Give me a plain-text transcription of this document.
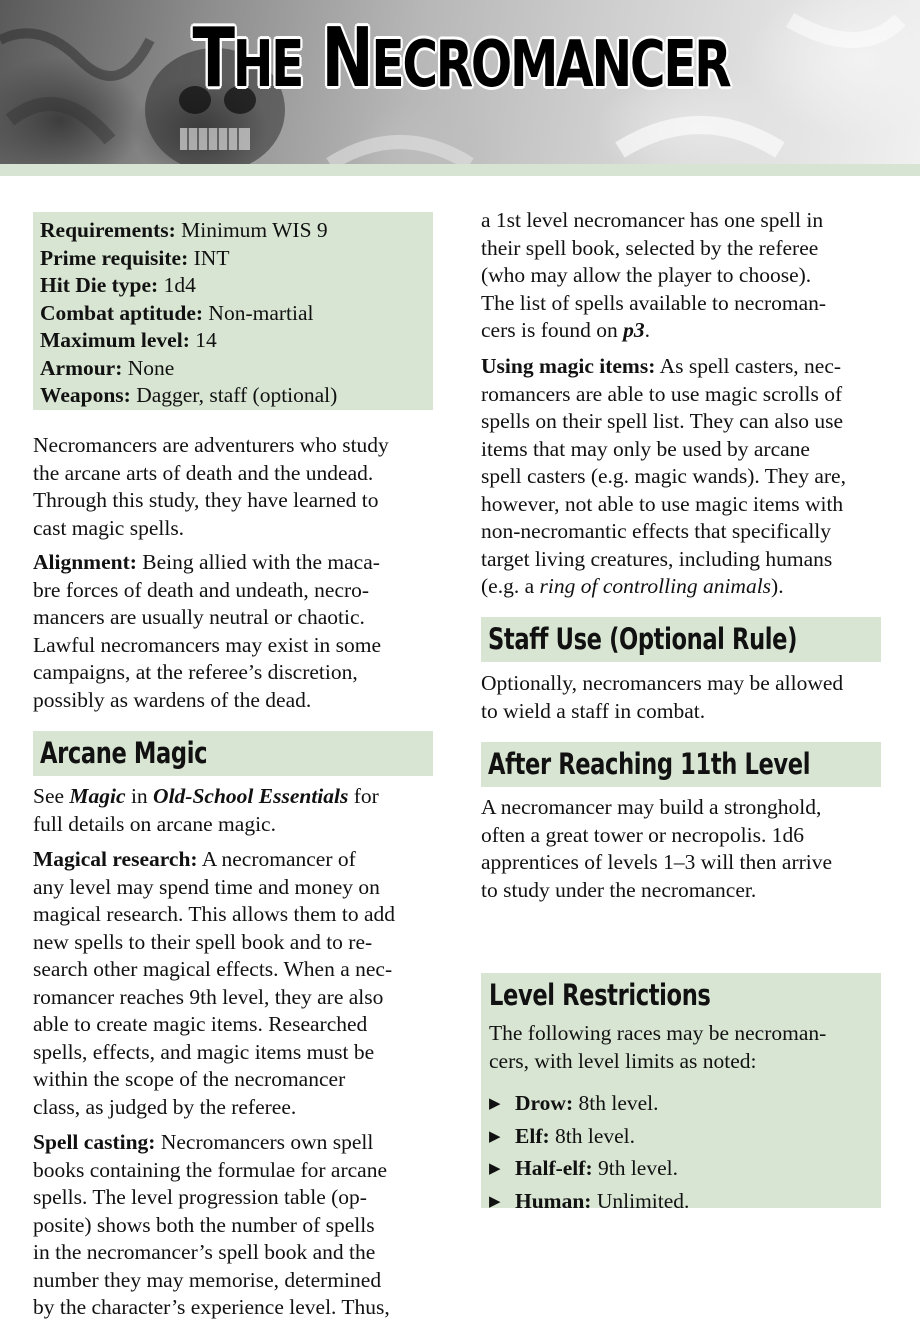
THE NECROMANCER
Requirements: Minimum WIS 9
Prime requisite: INT
Hit Die type: 1d4
Combat aptitude: Non-martial
Maximum level: 14
Armour: None
Weapons: Dagger, staff (optional)

Necromancers are adventurers who study

the arcane arts of death and the undead.

Through this study, they have learned to

cast magic spells.

Alignment: Being allied with the maca-

bre forces of death and undeath, necro-

mancers are usually neutral or chaotic.

Lawful necromancers may exist in some

campaigns, at the referee’s discretion,

possibly as wardens of the dead.

Arcane Magic

See Magic in Old-School Essentials for

full details on arcane magic.

Magical research: A necromancer of

any level may spend time and money on

magical research. This allows them to add

new spells to their spell book and to re-

search other magical effects. When a nec-

romancer reaches 9th level, they are also

able to create magic items. Researched

spells, effects, and magic items must be

within the scope of the necromancer

class, as judged by the referee.

Spell casting: Necromancers own spell

books containing the formulae for arcane

spells. The level progression table (op-

posite) shows both the number of spells

in the necromancer’s spell book and the

number they may memorise, determined

by the character’s experience level. Thus,

a 1st level necromancer has one spell in

their spell book, selected by the referee

(who may allow the player to choose).

The list of spells available to necroman-

cers is found on p3.

Using magic items: As spell casters, nec-

romancers are able to use magic scrolls of

spells on their spell list. They can also use

items that may only be used by arcane

spell casters (e.g. magic wands). They are,

however, not able to use magic items with

non-necromantic effects that specifically

target living creatures, including humans

(e.g. a ring of controlling animals).

Staff Use (Optional Rule)

Optionally, necromancers may be allowed

to wield a staff in combat.

After Reaching 11th Level

A necromancer may build a stronghold,

often a great tower or necropolis. 1d6

apprentices of levels 1–3 will then arrive

to study under the necromancer.

Level Restrictions

The following races may be necroman-

cers, with level limits as noted:

▶ Drow: 8th level.
▶ Elf: 8th level.
▶ Half-elf: 9th level.
▶ Human: Unlimited.
